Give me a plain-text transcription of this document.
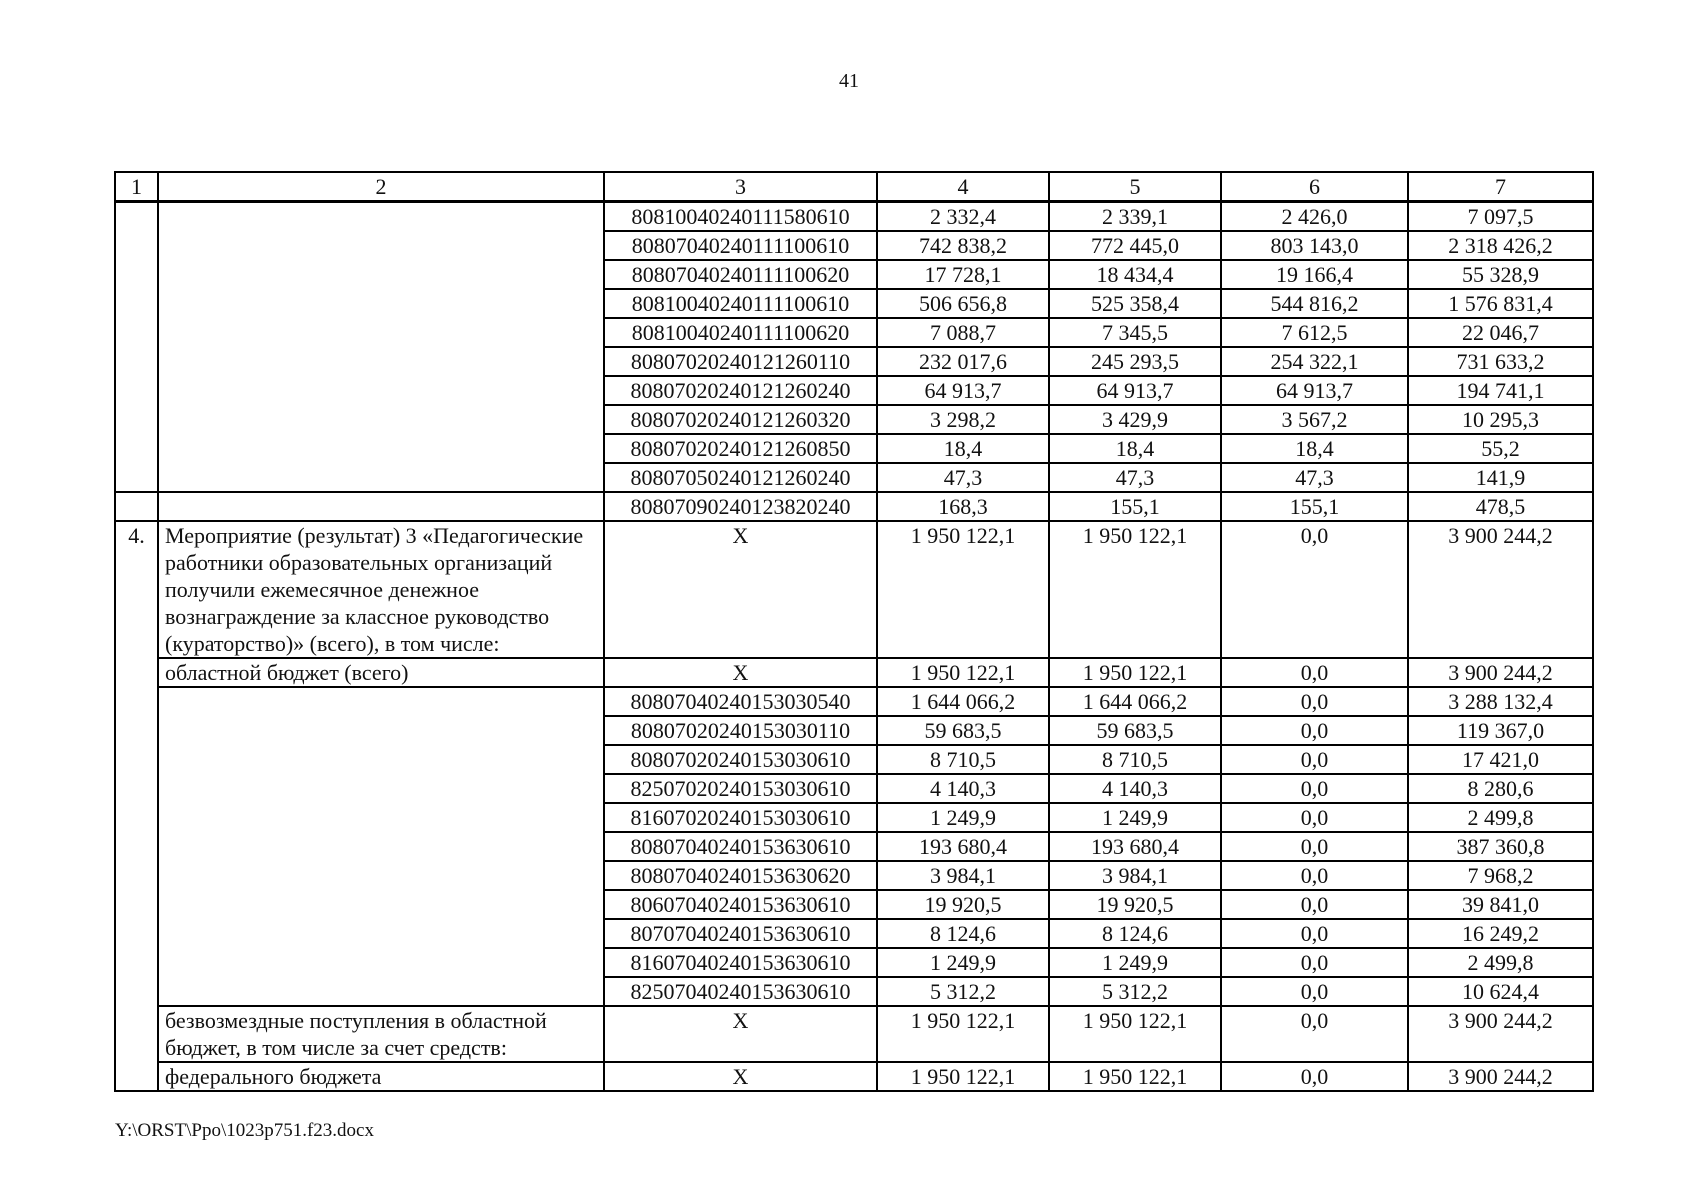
41
1	2	3	4	5	6	7
		80810040240111580610	2 332,4	2 339,1	2 426,0	7 097,5
		80807040240111100610	742 838,2	772 445,0	803 143,0	2 318 426,2
		80807040240111100620	17 728,1	18 434,4	19 166,4	55 328,9
		80810040240111100610	506 656,8	525 358,4	544 816,2	1 576 831,4
		80810040240111100620	7 088,7	7 345,5	7 612,5	22 046,7
		80807020240121260110	232 017,6	245 293,5	254 322,1	731 633,2
		80807020240121260240	64 913,7	64 913,7	64 913,7	194 741,1
		80807020240121260320	3 298,2	3 429,9	3 567,2	10 295,3
		80807020240121260850	18,4	18,4	18,4	55,2
		80807050240121260240	47,3	47,3	47,3	141,9
		80807090240123820240	168,3	155,1	155,1	478,5
4.	Мероприятие (результат) 3 «Педагогические работники образовательных организаций получили ежемесячное денежное вознаграждение за классное руководство (кураторство)» (всего), в том числе:	X	1 950 122,1	1 950 122,1	0,0	3 900 244,2
	областной бюджет (всего)	X	1 950 122,1	1 950 122,1	0,0	3 900 244,2
		80807040240153030540	1 644 066,2	1 644 066,2	0,0	3 288 132,4
		80807020240153030110	59 683,5	59 683,5	0,0	119 367,0
		80807020240153030610	8 710,5	8 710,5	0,0	17 421,0
		82507020240153030610	4 140,3	4 140,3	0,0	8 280,6
		81607020240153030610	1 249,9	1 249,9	0,0	2 499,8
		80807040240153630610	193 680,4	193 680,4	0,0	387 360,8
		80807040240153630620	3 984,1	3 984,1	0,0	7 968,2
		80607040240153630610	19 920,5	19 920,5	0,0	39 841,0
		80707040240153630610	8 124,6	8 124,6	0,0	16 249,2
		81607040240153630610	1 249,9	1 249,9	0,0	2 499,8
		82507040240153630610	5 312,2	5 312,2	0,0	10 624,4
	безвозмездные поступления в областной бюджет, в том числе за счет средств:	X	1 950 122,1	1 950 122,1	0,0	3 900 244,2
	федерального бюджета	X	1 950 122,1	1 950 122,1	0,0	3 900 244,2
Y:\ORST\Ppo\1023p751.f23.docx
